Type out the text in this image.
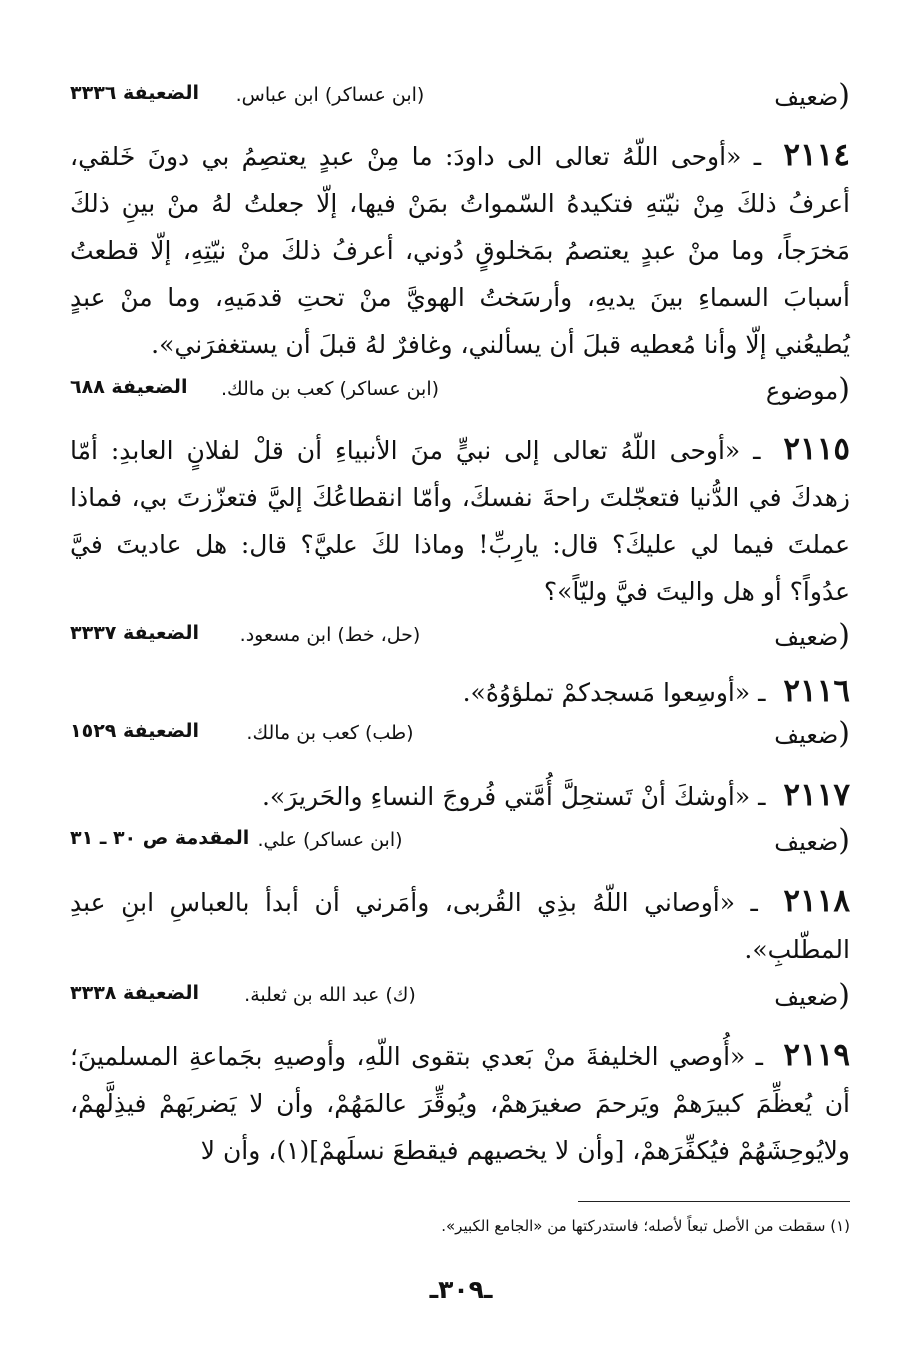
( ضعيف
(ابن عساكر) ابن عباس.
الضعيفة ٣٣٣٦
٢١١٤ ـ «أوحى اللّهُ تعالى الى داودَ: ما مِنْ عبدٍ يعتصِمُ بي دونَ خَلقي، أعرفُ ذلكَ مِنْ نيّتهِ فتكيدهُ السّمواتُ بمَنْ فيها، إلّا جعلتُ لهُ منْ بينِ ذلكَ مَخرَجاً، وما منْ عبدٍ يعتصمُ بمَخلوقٍ دُوني، أعرفُ ذلكَ منْ نيّتِهِ، إلّا قطعتُ أسبابَ السماءِ بينَ يديهِ، وأرسَختُ الهويَّ منْ تحتِ قدمَيهِ، وما منْ عبدٍ يُطيعُني إلّا وأنا مُعطيه قبلَ أن يسألني، وغافرٌ لهُ قبلَ أن يستغفرَني».
( موضوع
(ابن عساكر) كعب بن مالك.
الضعيفة ٦٨٨
٢١١٥ ـ «أوحى اللّهُ تعالى إلى نبيٍّ منَ الأنبياءِ أن قلْ لفلانٍ العابدِ: أمّا زهدكَ في الدُّنيا فتعجّلتَ راحةَ نفسكَ، وأمّا انقطاعُكَ إليَّ فتعزّزتَ بي، فماذا عملتَ فيما لي عليكَ؟ قال: يارِبِّ! وماذا لكَ عليَّ؟ قال: هل عاديتَ فيَّ عدُواً؟ أو هل واليتَ فيَّ وليّاً»؟
( ضعيف
(حل، خط) ابن مسعود.
الضعيفة ٣٣٣٧
٢١١٦ ـ «أوسِعوا مَسجدكمْ تملؤوُهُ».
( ضعيف
(طب) كعب بن مالك.
الضعيفة ١٥٢٩
٢١١٧ ـ «أوشكَ أنْ تَستحِلَّ أُمَّتي فُروجَ النساءِ والحَريرَ».
( ضعيف
(ابن عساكر) علي.
المقدمة ص ٣٠ ـ ٣١
٢١١٨ ـ «أوصاني اللّهُ بذِي القُربى، وأمَرني أن أبدأ بالعباسِ ابنِ عبدِ المطّلبِ».
( ضعيف
(ك) عبد الله بن ثعلبة.
الضعيفة ٣٣٣٨
٢١١٩ ـ «أُوصي الخليفةَ منْ بَعدي بتقوى اللّهِ، وأوصيهِ بجَماعةِ المسلمينَ؛ أن يُعظِّمَ كبيرَهمْ ويَرحمَ صغيرَهمْ، ويُوقِّرَ عالمَهُمْ، وأن لا يَضربَهمْ فيذِلَّهمْ، ولايُوحِشَهُمْ فيُكفِّرَهمْ، [وأن لا يخصيهم فيقطعَ نسلَهمْ](١)، وأن لا
(١) سقطت من الأصل تبعاً لأصله؛ فاستدركتها من «الجامع الكبير».
ـ٣٠٩ـ
